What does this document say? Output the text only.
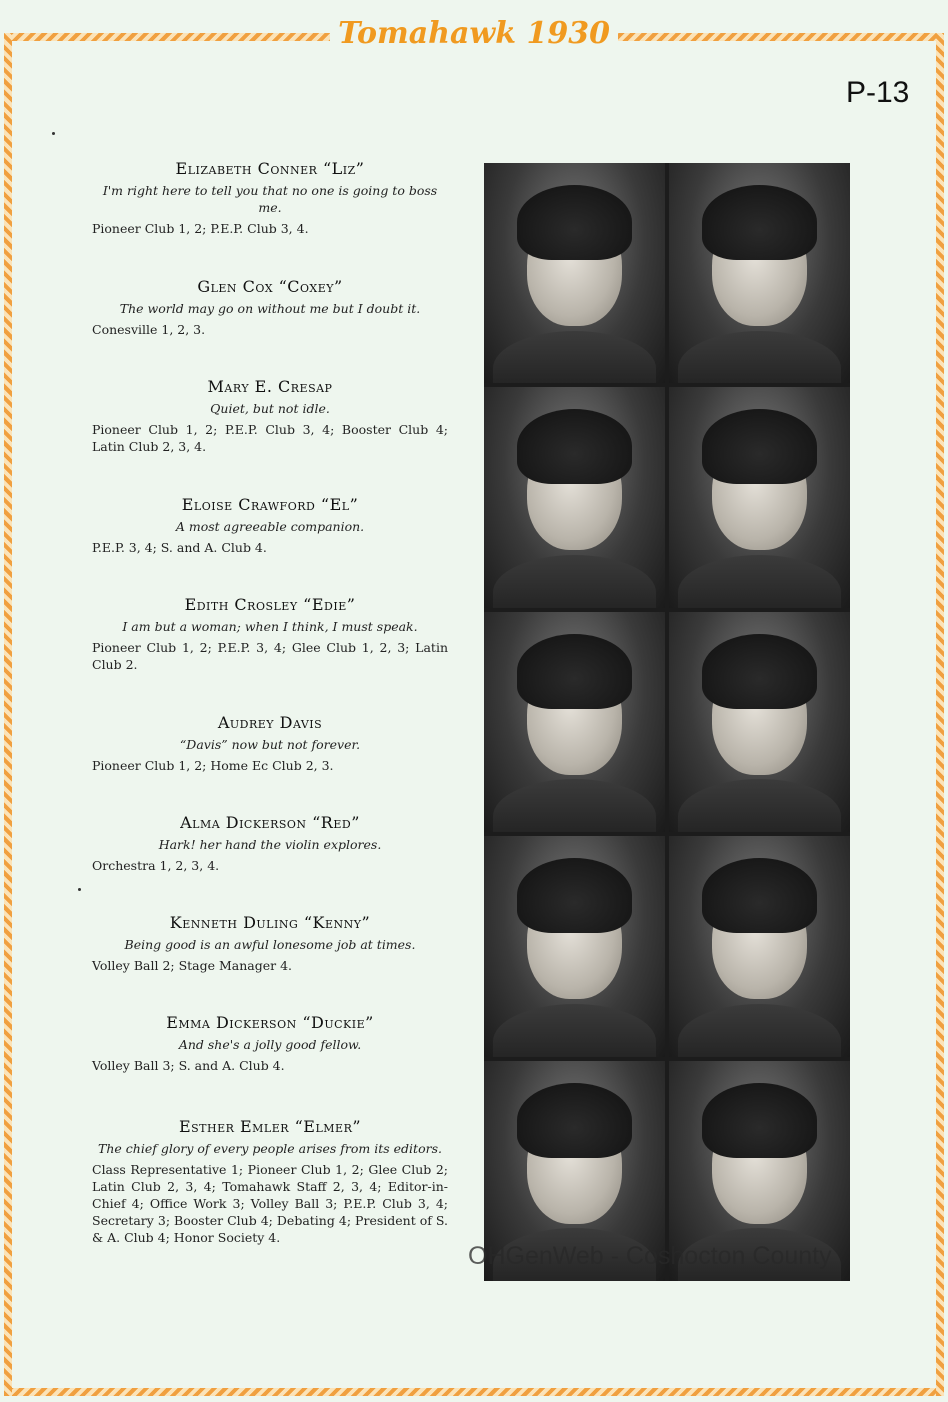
Tomahawk 1930
P-13
Elizabeth Conner “Liz”
I'm right here to tell you that no one is going to boss me.
Pioneer Club 1, 2; P.E.P. Club 3, 4.
Glen Cox “Coxey”
The world may go on without me but I doubt it.
Conesville 1, 2, 3.
Mary E. Cresap
Quiet, but not idle.
Pioneer Club 1, 2; P.E.P. Club 3, 4; Booster Club 4; Latin Club 2, 3, 4.
Eloise Crawford “El”
A most agreeable companion.
P.E.P. 3, 4; S. and A. Club 4.
Edith Crosley “Edie”
I am but a woman; when I think, I must speak.
Pioneer Club 1, 2; P.E.P. 3, 4; Glee Club 1, 2, 3; Latin Club 2.
Audrey Davis
“Davis” now but not forever.
Pioneer Club 1, 2; Home Ec Club 2, 3.
Alma Dickerson “Red”
Hark! her hand the violin explores.
Orchestra 1, 2, 3, 4.
Kenneth Duling “Kenny”
Being good is an awful lonesome job at times.
Volley Ball 2; Stage Manager 4.
Emma Dickerson “Duckie”
And she's a jolly good fellow.
Volley Ball 3; S. and A. Club 4.
Esther Emler “Elmer”
The chief glory of every people arises from its editors.
Class Representative 1; Pioneer Club 1, 2; Glee Club 2; Latin Club 2, 3, 4; Tomahawk Staff 2, 3, 4; Editor-in-Chief 4; Office Work 3; Volley Ball 3; P.E.P. Club 3, 4; Secretary 3; Booster Club 4; Debating 4; President of S. & A. Club 4; Honor Society 4.
OHGenWeb - Coshocton County
